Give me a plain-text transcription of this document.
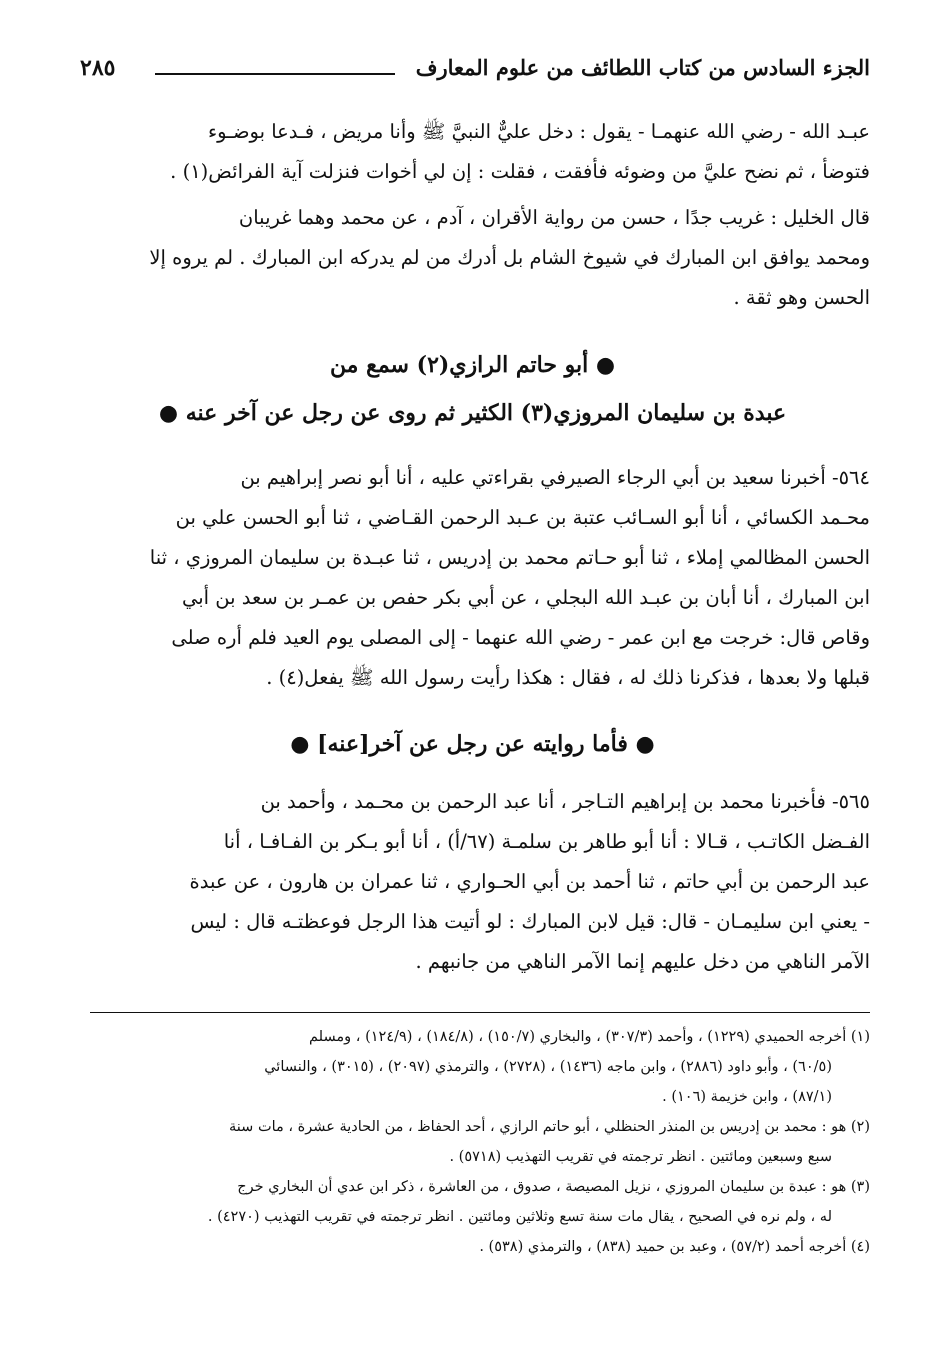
الجزء السادس من كتاب اللطائف من علوم المعارف
٢٨٥
عبـد الله - رضي الله عنهمـا - يقول : دخل عليٌّ النبيَّ ﷺ وأنا مريض ، فـدعا بوضـوء
فتوضأ ، ثم نضح عليَّ من وضوئه فأفقت ، فقلت : إن لي أخوات فنزلت آية الفرائض(١) .
قال الخليل : غريب جدًا ، حسن من رواية الأقران ، آدم ، عن محمد وهما غريبان
ومحمد يوافق ابن المبارك في شيوخ الشام بل أدرك من لم يدركه ابن المبارك . لم يروه إلا
الحسن وهو ثقة .
● أبو حاتم الرازي(٢) سمع من
عبدة بن سليمان المروزي(٣) الكثير ثم روى عن رجل عن آخر عنه ●
٥٦٤- أخبرنا سعيد بن أبي الرجاء الصيرفي بقراءتي عليه ، أنا أبو نصر إبراهيم بن
محـمد الكسائي ، أنا أبو السـائب عتبة بن عـبد الرحمن القـاضي ، ثنا أبو الحسن علي بن
الحسن المظالمي إملاء ، ثنا أبو حـاتم محمد بن إدريس ، ثنا عبـدة بن سليمان المروزي ، ثنا
ابن المبارك ، أنا أبان بن عبـد الله البجلي ، عن أبي بكر حفص بن عمـر بن سعد بن أبي
وقاص قال: خرجت مع ابن عمر - رضي الله عنهما - إلى المصلى يوم العيد فلم أره صلى
قبلها ولا بعدها ، فذكرنا ذلك له ، فقال : هكذا رأيت رسول الله ﷺ يفعل(٤) .
● فأما روايته عن رجل عن آخر[عنه] ●
٥٦٥- فأخبرنا محمد بن إبراهيم التـاجر ، أنا عبد الرحمن بن محـمد ، وأحمد بن
الفـضل الكاتـب ، قـالا : أنا أبو طاهر بن سلمـة (٦٧/أ) ، أنا أبو بـكر بن الفـافـا ، أنا
عبد الرحمن بن أبي حاتم ، ثنا أحمد بن أبي الحـواري ، ثنا عمران بن هارون ، عن عبدة
- يعني ابن سليمـان - قال: قيل لابن المبارك : لو أتيت هذا الرجل فوعظتـه قال : ليس
الآمر الناهي من دخل عليهم إنما الآمر الناهي من جانبهم .
(١) أخرجه الحميدي (١٢٢٩) ، وأحمد (٣٠٧/٣) ، والبخاري (١٥٠/٧) ، (١٨٤/٨) ، (١٢٤/٩) ، ومسلم
(٦٠/٥) ، وأبو داود (٢٨٨٦) ، وابن ماجه (١٤٣٦) ، (٢٧٢٨) ، والترمذي (٢٠٩٧) ، (٣٠١٥) ، والنسائي
(٨٧/١) ، وابن خزيمة (١٠٦) .
(٢) هو : محمد بن إدريس بن المنذر الحنظلي ، أبو حاتم الرازي ، أحد الحفاظ ، من الحادية عشرة ، مات سنة
سبع وسبعين ومائتين . انظر ترجمته في تقريب التهذيب (٥٧١٨) .
(٣) هو : عبدة بن سليمان المروزي ، نزيل المصيصة ، صدوق ، من العاشرة ، ذكر ابن عدي أن البخاري خرج
له ، ولم نره في الصحيح ، يقال مات سنة تسع وثلاثين ومائتين . انظر ترجمته في تقريب التهذيب (٤٢٧٠) .
(٤) أخرجه أحمد (٥٧/٢) ، وعبد بن حميد (٨٣٨) ، والترمذي (٥٣٨) .
